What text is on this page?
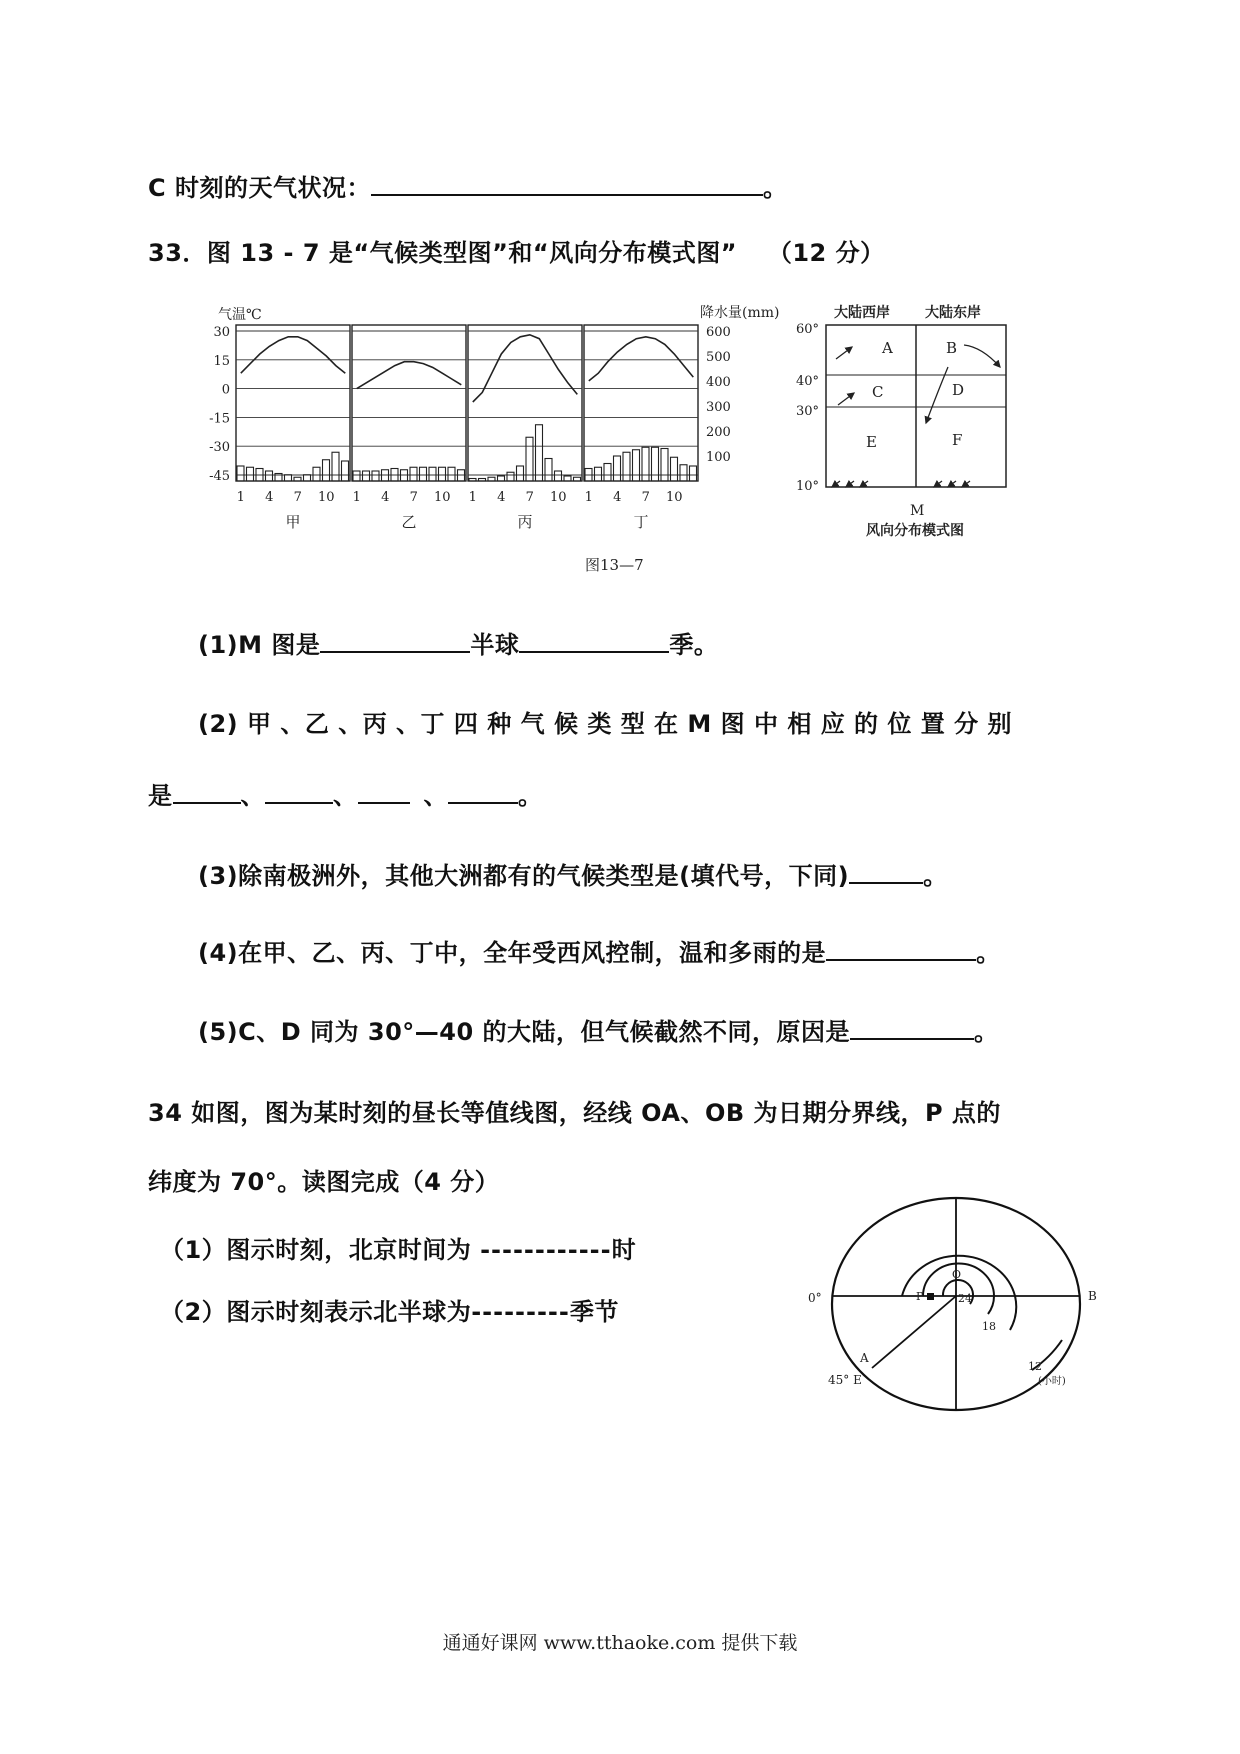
C 时刻的天气状况：	。
33．图 13 - 7 是“气候类型图”和“风向分布模式图” （12 分）
30
15
0
-15
-30
-45
600
500
400
300
200
100
1 4 7 10
甲
1 4 7 10
乙
1 4 7 10
丙
1 4 7 10
丁
气温℃	降水量(mm)
图13—7
大陆西岸	大陆东岸
60°
40°
30°
10°
A	B
C	D
E	F
M
风向分布模式图
(1)M 图是	半球	季。
(2) 甲 、乙 、丙 、丁 四 种 气 候 类 型 在 M 图 中 相 应 的 位 置 分 别
是	、	、	、	。
(3)除南极洲外，其他大洲都有的气候类型是(填代号，下同)	。
(4)在甲、乙、丙、丁中，全年受西风控制，温和多雨的是	。
(5)C、D 同为 30°—40 的大陆，但气候截然不同，原因是	。
34 如图，图为某时刻的昼长等值线图，经线 OA、OB 为日期分界线，P 点的
纬度为 70°。读图完成（4 分）
（1）图示时刻，北京时间为 ------------时
（2）图示时刻表示北半球为---------季节	0°	B
A
45° E
O
P	24
18
12
(小时)
通通好课网 www.tthaoke.com 提供下载
